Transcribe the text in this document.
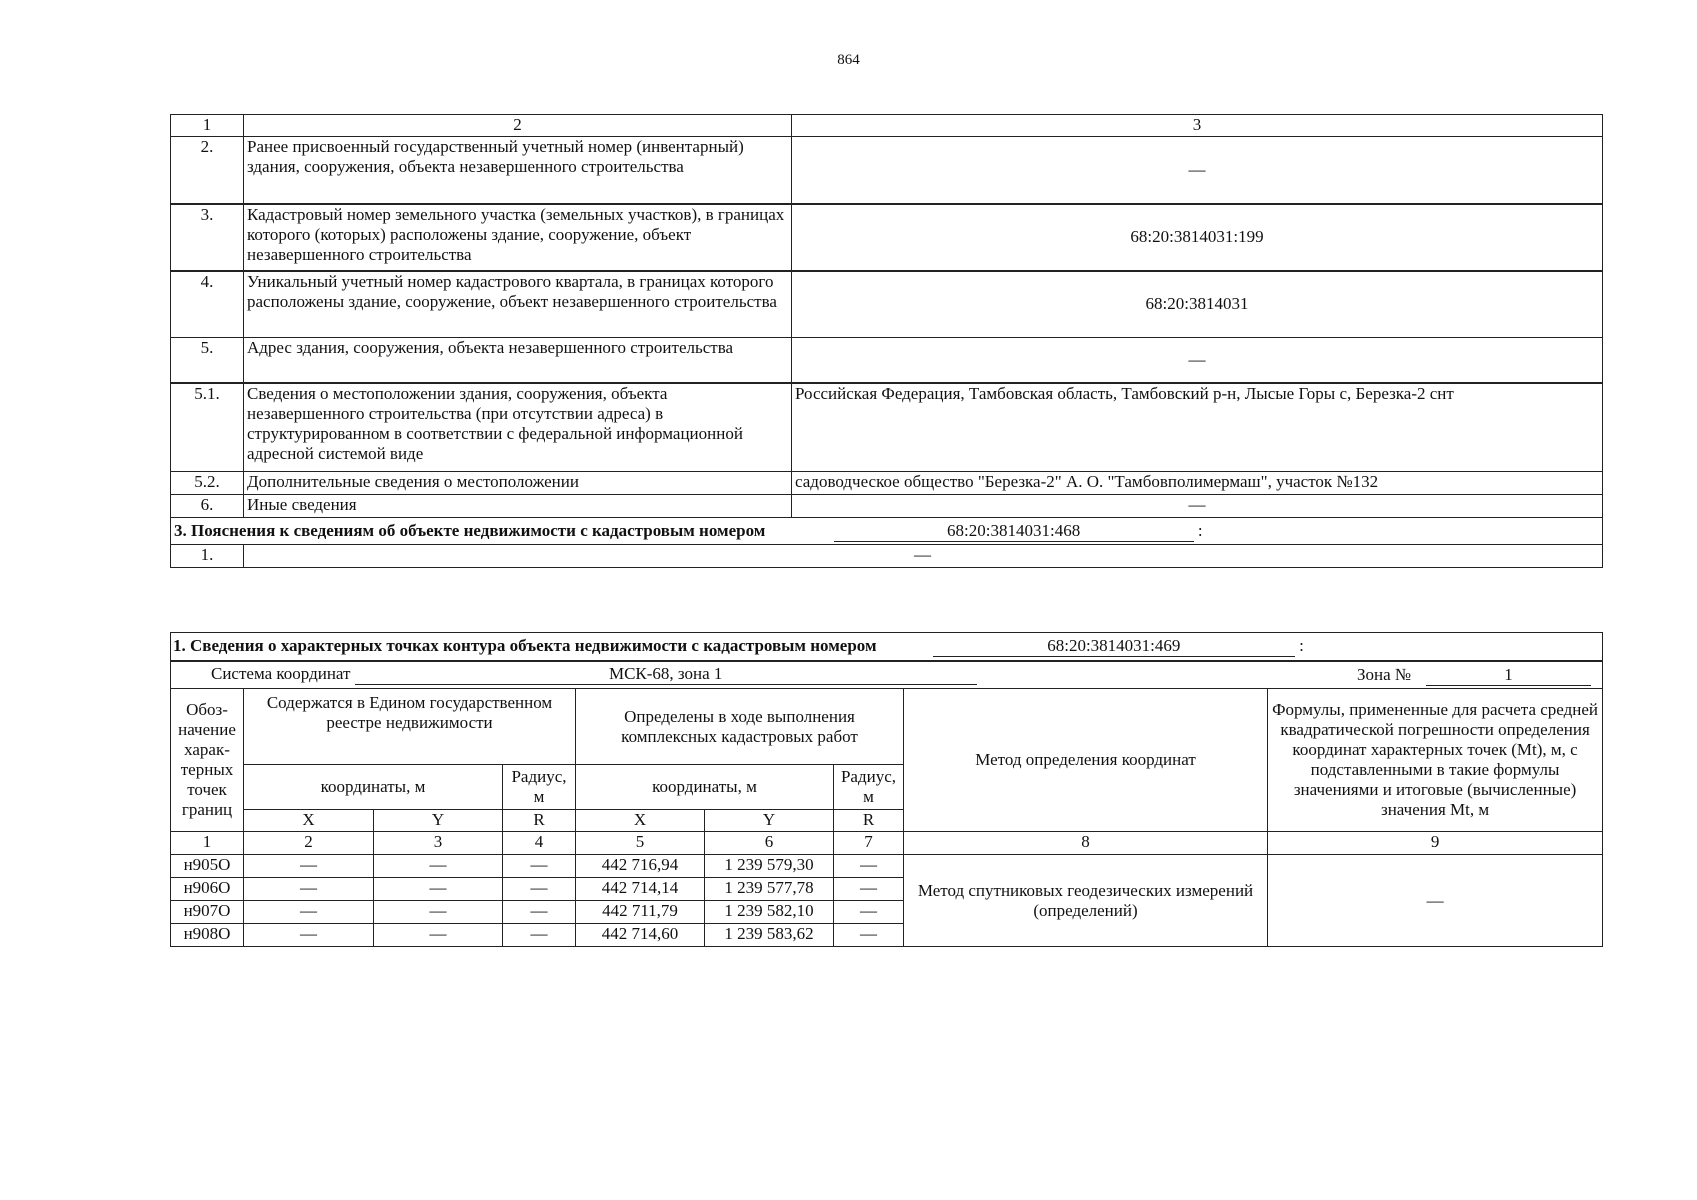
864
1	2	3
2.	Ранее присвоенный государственный учетный номер (инвентарный) здания, сооружения, объекта незавершенного строительства	—
3.	Кадастровый номер земельного участка (земельных участков), в границах которого (которых) расположены здание, сооружение, объект незавершенного строительства	68:20:3814031:199
4.	Уникальный учетный номер кадастрового квартала, в границах которого расположены здание, сооружение, объект незавершенного строительства	68:20:3814031
5.	Адрес здания, сооружения, объекта незавершенного строительства	—
5.1.	Сведения о местоположении здания, сооружения, объекта незавершенного строительства (при отсутствии адреса) в структурированном в соответствии с федеральной информационной адресной системой виде	Российская Федерация, Тамбовская область, Тамбовский р-н, Лысые Горы с, Березка-2 снт
5.2.	Дополнительные сведения о местоположении	садоводческое общество "Березка-2" А. О. "Тамбовполимермаш", участок №132
6.	Иные сведения	—
3. Пояснения к сведениям об объекте недвижимости с кадастровым номером 68:20:3814031:468 :		
1.	—	
1. Сведения о характерных точках контура объекта недвижимости с кадастровым номером 68:20:3814031:469 :								
Система координат МСК-68, зона 1 Зона № 1								

Обоз-начение харак-терных точек границ	Содержатся в Едином государственном реестре недвижимости			Определены в ходе выполнения комплексных кадастровых работ			Метод определения координат	Формулы, примененные для расчета средней квадратической погрешности определения координат характерных точек (Mt), м, с подставленными в такие формулы значениями и итоговые (вычисленные) значения Mt, м
	координаты, м		Радиус, м	координаты, м		Радиус, м		
	X	Y	R	X	Y	R		
1	2	3	4	5	6	7	8	9
н905О	—	—	—	442 716,94	1 239 579,30	—	Метод спутниковых геодезических измерений (определений)	—
н906О	—	—	—	442 714,14	1 239 577,78	—		
н907О	—	—	—	442 711,79	1 239 582,10	—		
н908О	—	—	—	442 714,60	1 239 583,62	—		
